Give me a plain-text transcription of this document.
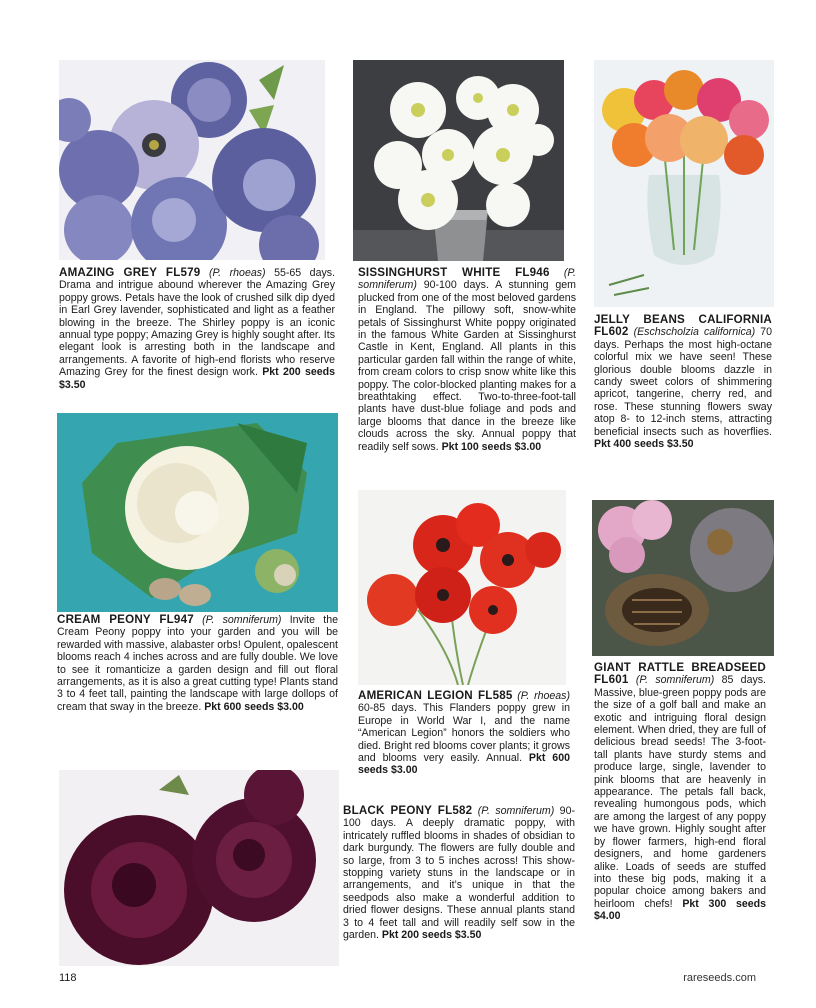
AMAZING GREY FL579 (P. rhoeas) 55-65 days. Drama and intrigue abound wherever the Amazing Grey poppy grows. Petals have the look of crushed silk dip dyed in Earl Grey lavender, sophisticated and light as a feather blowing in the breeze. The Shirley poppy is an iconic annual type poppy; Amazing Grey is highly sought after. Its elegant look is arresting both in the landscape and arrangements. A favorite of high-end florists who reserve Amazing Grey for the finest design work. Pkt 200 seeds $3.50
SISSINGHURST WHITE FL946 (P. somniferum) 90-100 days. A stunning gem plucked from one of the most beloved gardens in England. The pillowy soft, snow-white petals of Sissinghurst White poppy originated in the famous White Garden at Sissinghurst Castle in Kent, England. All plants in this particular garden fall within the range of white, from cream colors to crisp snow white like this poppy. The color-blocked planting makes for a breathtaking effect. Two-to-three-foot-tall plants have dust-blue foliage and pods and large blooms that dance in the breeze like clouds across the sky. Annual poppy that readily self sows. Pkt 100 seeds $3.00
JELLY BEANS CALIFORNIA FL602 (Eschscholzia californica) 70 days. Perhaps the most high-octane colorful mix we have seen! These glorious double blooms dazzle in candy sweet colors of shimmering apricot, tangerine, cherry red, and rose. These stunning flowers sway atop 8- to 12-inch stems, attracting beneficial insects such as hoverflies. Pkt 400 seeds $3.50
CREAM PEONY FL947 (P. somniferum) Invite the Cream Peony poppy into your garden and you will be rewarded with massive, alabaster orbs! Opulent, opalescent blooms reach 4 inches across and are fully double. We love to see it romanticize a garden design and fill out floral arrangements, as it is also a great cutting type! Plants stand 3 to 4 feet tall, painting the landscape with large dollops of cream that sway in the breeze. Pkt 600 seeds $3.00
AMERICAN LEGION FL585 (P. rhoeas) 60-85 days. This Flanders poppy grew in Europe in World War I, and the name “American Legion” honors the soldiers who died. Bright red blooms cover plants; it grows and blooms very easily. Annual. Pkt 600 seeds $3.00
GIANT RATTLE BREADSEED FL601 (P. somniferum) 85 days. Massive, blue-green poppy pods are the size of a golf ball and make an exotic and intriguing floral design element. When dried, they are full of delicious bread seeds! The 3-foot-tall plants have sturdy stems and produce large, single, lavender to pink blooms that are heavenly in appearance. The petals fall back, revealing humongous pods, which are among the largest of any poppy we have grown. Highly sought after by flower farmers, high-end floral designers, and home gardeners alike. Loads of seeds are stuffed into these big pods, making it a popular choice among bakers and heirloom chefs! Pkt 300 seeds $4.00
BLACK PEONY FL582 (P. somniferum) 90-100 days. A deeply dramatic poppy, with intricately ruffled blooms in shades of obsidian to dark burgundy. The flowers are fully double and so large, from 3 to 5 inches across! This show-stopping variety stuns in the landscape or in arrangements, and it’s unique in that the seedpods also make a wonderful addition to dried flower designs. These annual plants stand 3 to 4 feet tall and will readily self sow in the garden. Pkt 200 seeds $3.50
118	rareseeds.com
